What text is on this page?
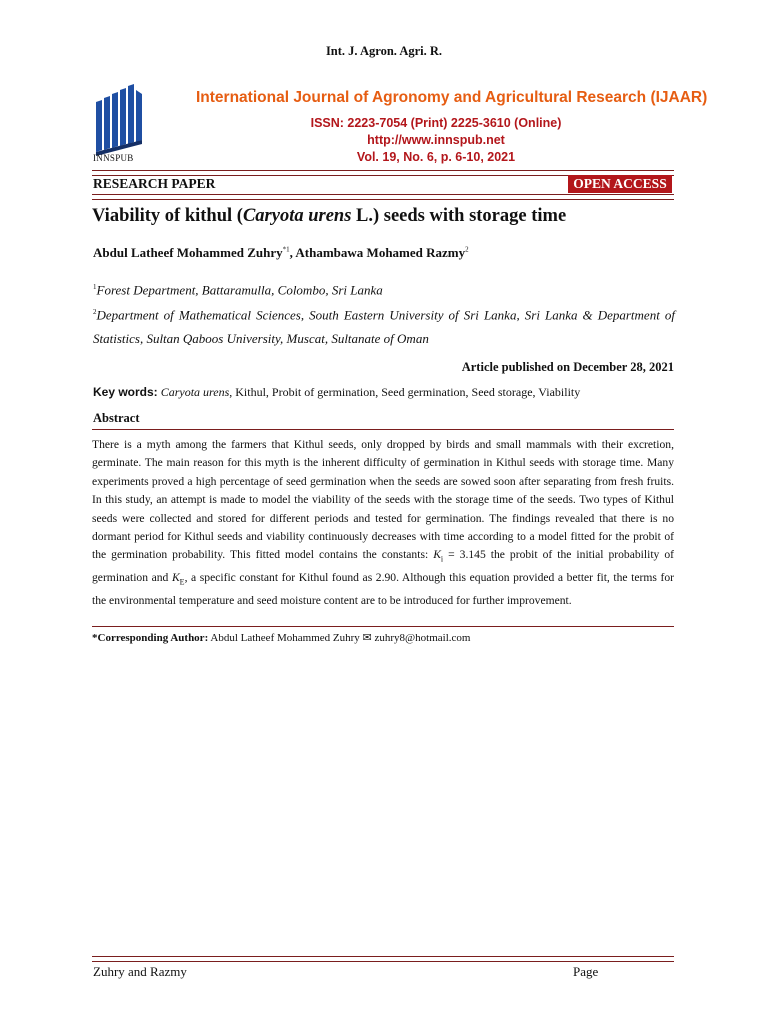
Int. J. Agron. Agri. R.
INNSPUB
International Journal of Agronomy and Agricultural Research (IJAAR)
ISSN: 2223-7054 (Print) 2225-3610 (Online)
http://www.innspub.net
Vol. 19, No. 6, p. 6-10, 2021
RESEARCH PAPER	OPEN ACCESS
Viability of kithul (Caryota urens L.) seeds with storage time
Abdul Latheef Mohammed Zuhry$^{*1}$, Athambawa Mohamed Razmy$^2$
$^1$Forest Department, Battaramulla, Colombo, Sri Lanka
$^2$Department of Mathematical Sciences, South Eastern University of Sri Lanka, Sri Lanka & Department of Statistics, Sultan Qaboos University, Muscat, Sultanate of Oman
Article published on December 28, 2021
Key words: Caryota urens, Kithul, Probit of germination, Seed germination, Seed storage, Viability
Abstract
There is a myth among the farmers that Kithul seeds, only dropped by birds and small mammals with their excretion, germinate. The main reason for this myth is the inherent difficulty of germination in Kithul seeds with storage time. Many experiments proved a high percentage of seed germination when the seeds are sowed soon after separating from fresh fruits. In this study, an attempt is made to model the viability of the seeds with the storage time of the seeds. Two types of Kithul seeds were collected and stored for different periods and tested for germination. The findings revealed that there is no dormant period for Kithul seeds and viability continuously decreases with time according to a model fitted for the probit of the germination probability. This fitted model contains the constants: $K_i = 3.145$ the probit of the initial probability of germination and $K_E$, a specific constant for Kithul found as 2.90. Although this equation provided a better fit, the terms for the environmental temperature and seed moisture content are to be introduced for further improvement.
*Corresponding Author: Abdul Latheef Mohammed Zuhry ✉ zuhry8@hotmail.com
Zuhry and Razmy	Page
